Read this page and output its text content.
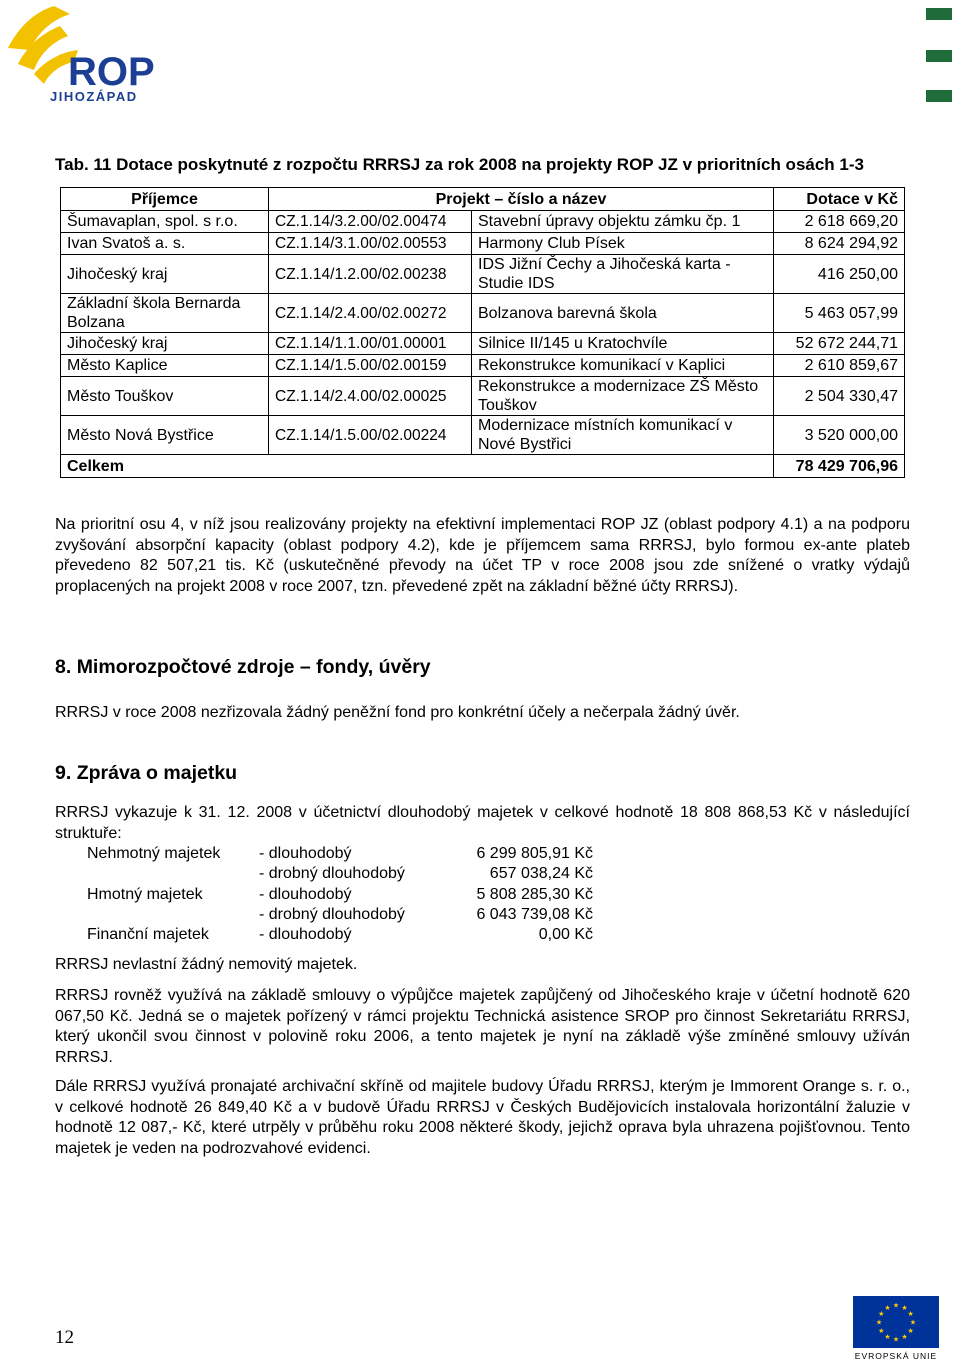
ROP
JIHOZÁPAD
Tab. 11 Dotace poskytnuté z rozpočtu RRRSJ za rok 2008 na projekty ROP JZ v prioritních osách 1-3
Příjemce	Projekt – číslo a název		Dotace v Kč
Šumavaplan, spol. s r.o.	CZ.1.14/3.2.00/02.00474	Stavební úpravy objektu zámku čp. 1	2 618 669,20
Ivan Svatoš a. s.	CZ.1.14/3.1.00/02.00553	Harmony Club Písek	8 624 294,92
Jihočeský kraj	CZ.1.14/1.2.00/02.00238	IDS Jižní Čechy a Jihočeská karta - Studie IDS	416 250,00
Základní škola Bernarda Bolzana	CZ.1.14/2.4.00/02.00272	Bolzanova barevná škola	5 463 057,99
Jihočeský kraj	CZ.1.14/1.1.00/01.00001	Silnice II/145 u Kratochvíle	52 672 244,71
Město Kaplice	CZ.1.14/1.5.00/02.00159	Rekonstrukce komunikací v Kaplici	2 610 859,67
Město Touškov	CZ.1.14/2.4.00/02.00025	Rekonstrukce a modernizace ZŠ Město Touškov	2 504 330,47
Město Nová Bystřice	CZ.1.14/1.5.00/02.00224	Modernizace místních komunikací v Nové Bystřici	3 520 000,00
Celkem			78 429 706,96
Na prioritní osu 4, v níž jsou realizovány projekty na efektivní implementaci ROP JZ (oblast podpory 4.1) a na podporu zvyšování absorpční kapacity (oblast podpory 4.2), kde je příjemcem sama RRRSJ, bylo formou ex-ante plateb převedeno 82 507,21 tis. Kč (uskutečněné převody na účet TP v roce 2008 jsou zde snížené o vratky výdajů proplacených na projekt 2008 v roce 2007, tzn. převedené zpět na základní běžné účty RRRSJ).
8. Mimorozpočtové zdroje – fondy, úvěry
RRRSJ v roce 2008 nezřizovala žádný peněžní fond pro konkrétní účely a nečerpala žádný úvěr.
9. Zpráva o majetku
RRRSJ vykazuje k 31. 12. 2008 v účetnictví dlouhodobý majetek v celkové hodnotě 18 808 868,53 Kč v následující struktuře:
Nehmotný majetek	- dlouhodobý	6 299 805,91 Kč
	- drobný dlouhodobý	657 038,24 Kč
Hmotný majetek	- dlouhodobý	5 808 285,30 Kč
	- drobný dlouhodobý	6 043 739,08 Kč
Finanční majetek	- dlouhodobý	0,00 Kč
RRRSJ nevlastní žádný nemovitý majetek.
RRRSJ rovněž využívá na základě smlouvy o výpůjčce majetek zapůjčený od Jihočeského kraje v účetní hodnotě 620 067,50 Kč. Jedná se o majetek pořízený v rámci projektu Technická asistence SROP pro činnost Sekretariátu RRRSJ, který ukončil svou činnost v polovině roku 2006, a tento majetek je nyní na základě výše zmíněné smlouvy užíván RRRSJ.
Dále RRRSJ využívá pronajaté archivační skříně od majitele budovy Úřadu RRRSJ, kterým je Immorent Orange s. r. o., v celkové hodnotě 26 849,40 Kč a v budově Úřadu RRRSJ v Českých Budějovicích instalovala horizontální žaluzie v hodnotě 12 087,- Kč, které utrpěly v průběhu roku 2008 některé škody, jejichž oprava byla uhrazena pojišťovnou. Tento majetek je veden na podrozvahové evidenci.
12
★ ★
★
★
★
★
★
★
★
★
★
★
EVROPSKÁ UNIE
